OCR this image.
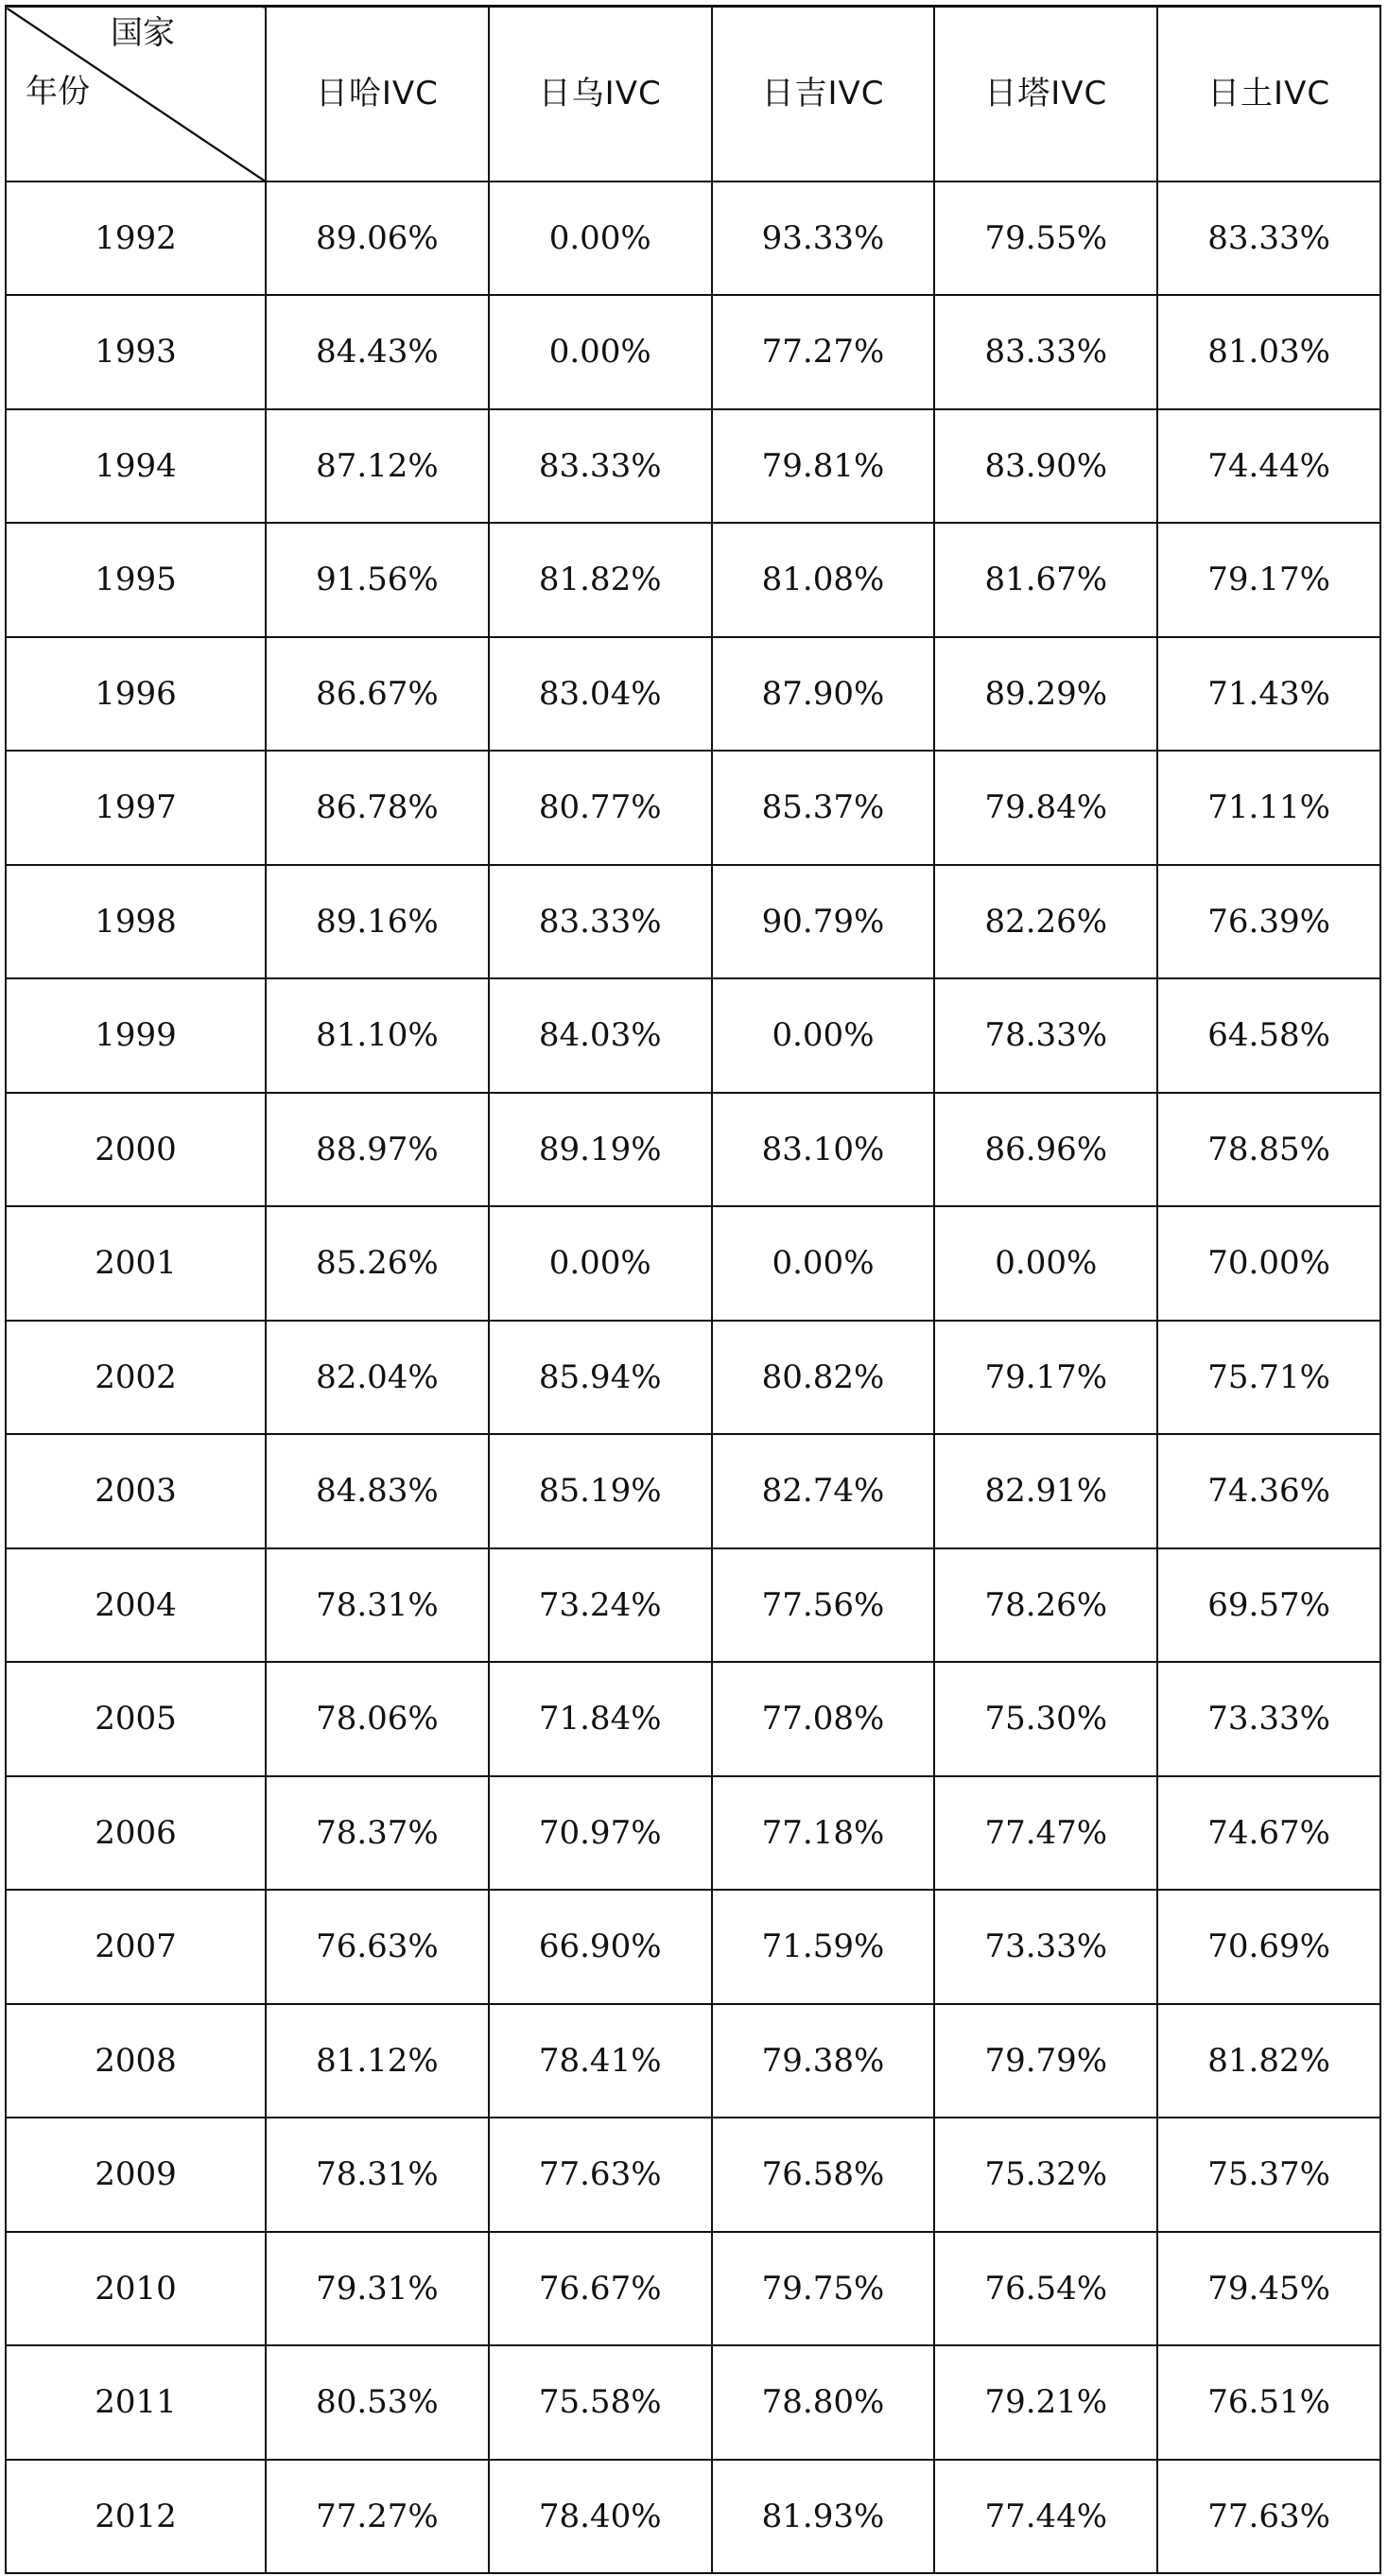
国家
年份	日哈IVC	日乌IVC	日吉IVC	日塔IVC	日土IVC
1992	89.06%	0.00%	93.33%	79.55%	83.33%
1993	84.43%	0.00%	77.27%	83.33%	81.03%
1994	87.12%	83.33%	79.81%	83.90%	74.44%
1995	91.56%	81.82%	81.08%	81.67%	79.17%
1996	86.67%	83.04%	87.90%	89.29%	71.43%
1997	86.78%	80.77%	85.37%	79.84%	71.11%
1998	89.16%	83.33%	90.79%	82.26%	76.39%
1999	81.10%	84.03%	0.00%	78.33%	64.58%
2000	88.97%	89.19%	83.10%	86.96%	78.85%
2001	85.26%	0.00%	0.00%	0.00%	70.00%
2002	82.04%	85.94%	80.82%	79.17%	75.71%
2003	84.83%	85.19%	82.74%	82.91%	74.36%
2004	78.31%	73.24%	77.56%	78.26%	69.57%
2005	78.06%	71.84%	77.08%	75.30%	73.33%
2006	78.37%	70.97%	77.18%	77.47%	74.67%
2007	76.63%	66.90%	71.59%	73.33%	70.69%
2008	81.12%	78.41%	79.38%	79.79%	81.82%
2009	78.31%	77.63%	76.58%	75.32%	75.37%
2010	79.31%	76.67%	79.75%	76.54%	79.45%
2011	80.53%	75.58%	78.80%	79.21%	76.51%
2012	77.27%	78.40%	81.93%	77.44%	77.63%
